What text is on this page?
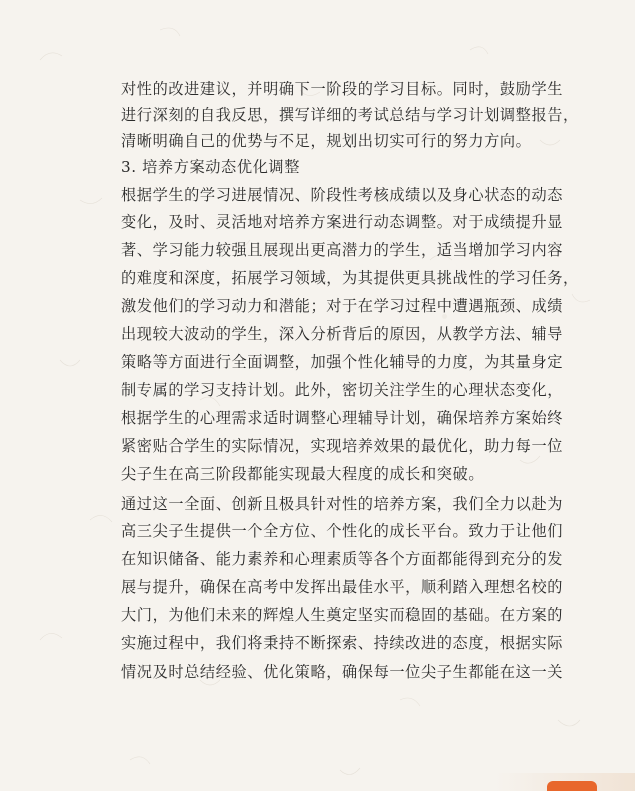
对性的改进建议，并明确下一阶段的学习目标。同时，鼓励学生
进行深刻的自我反思，撰写详细的考试总结与学习计划调整报告，
清晰明确自己的优势与不足，规划出切实可行的努力方向。
3. 培养方案动态优化调整
根据学生的学习进展情况、阶段性考核成绩以及身心状态的动态
变化，及时、灵活地对培养方案进行动态调整。对于成绩提升显
著、学习能力较强且展现出更高潜力的学生，适当增加学习内容
的难度和深度，拓展学习领域，为其提供更具挑战性的学习任务，
激发他们的学习动力和潜能；对于在学习过程中遭遇瓶颈、成绩
出现较大波动的学生，深入分析背后的原因，从教学方法、辅导
策略等方面进行全面调整，加强个性化辅导的力度，为其量身定
制专属的学习支持计划。此外，密切关注学生的心理状态变化，
根据学生的心理需求适时调整心理辅导计划，确保培养方案始终
紧密贴合学生的实际情况，实现培养效果的最优化，助力每一位
尖子生在高三阶段都能实现最大程度的成长和突破。
通过这一全面、创新且极具针对性的培养方案，我们全力以赴为
高三尖子生提供一个全方位、个性化的成长平台。致力于让他们
在知识储备、能力素养和心理素质等各个方面都能得到充分的发
展与提升，确保在高考中发挥出最佳水平，顺利踏入理想名校的
大门，为他们未来的辉煌人生奠定坚实而稳固的基础。在方案的
实施过程中，我们将秉持不断探索、持续改进的态度，根据实际
情况及时总结经验、优化策略，确保每一位尖子生都能在这一关
